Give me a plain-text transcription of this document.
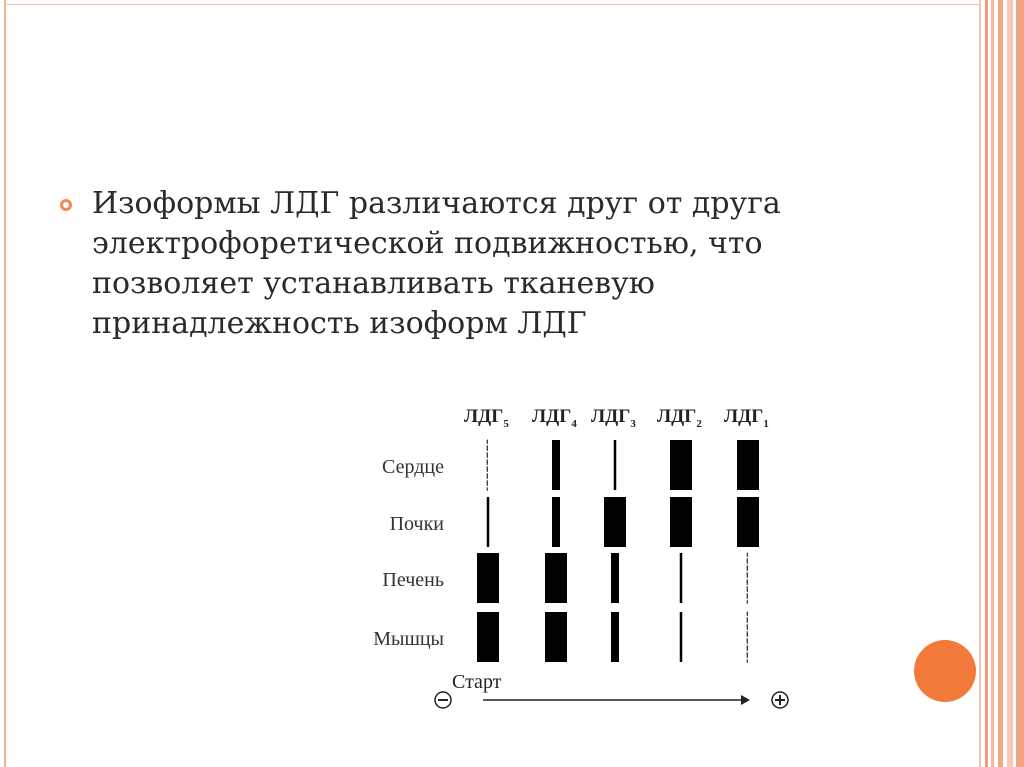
Изоформы ЛДГ различаются друг от друга
электрофоретической подвижностью, что
позволяет устанавливать тканевую
принадлежность изоформ ЛДГ
$ЛДГ_5$ $ЛДГ_4$ $ЛДГ_3$ $ЛДГ_2$ $ЛДГ_1$
Сердце
Почки
Печень
Мышцы
Старт
